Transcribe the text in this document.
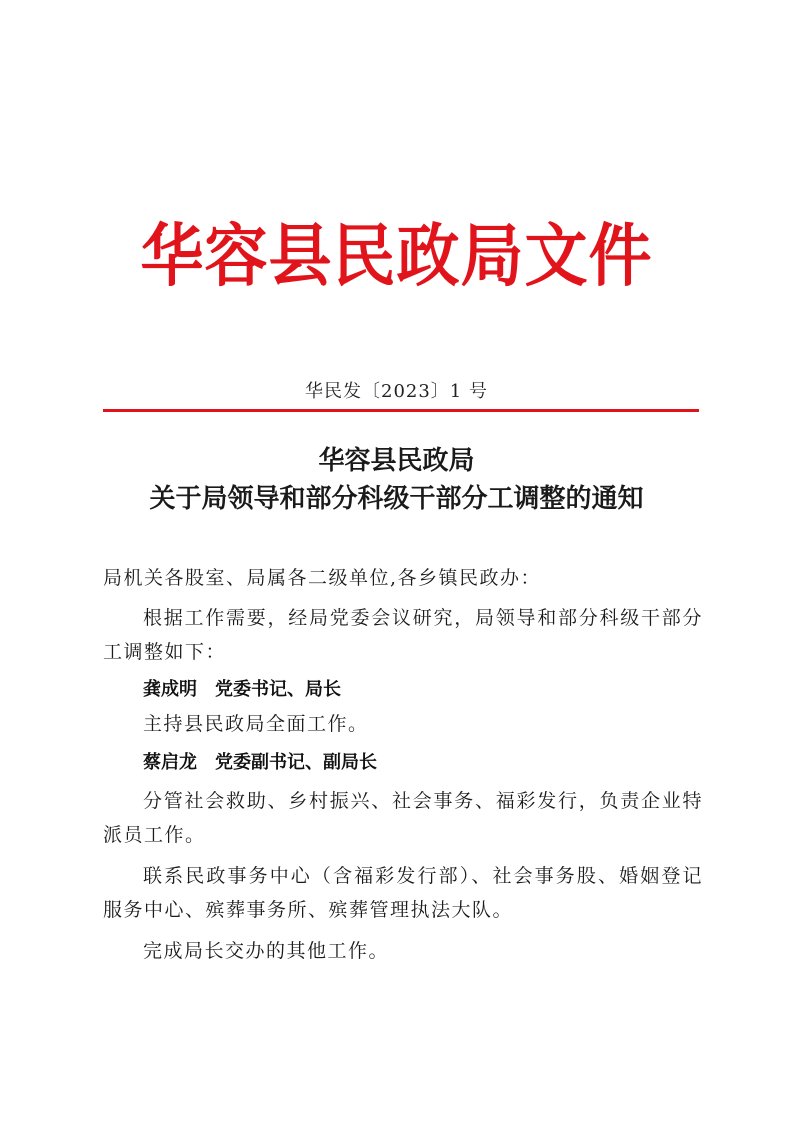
华容县民政局文件
华民发〔2023〕1 号
华容县民政局
关于局领导和部分科级干部分工调整的通知

局机关各股室、局属各二级单位,各乡镇民政办：

根据工作需要，经局党委会议研究，局领导和部分科级干部分工调整如下：

龚成明 党委书记、局长

主持县民政局全面工作。

蔡启龙 党委副书记、副局长

分管社会救助、乡村振兴、社会事务、福彩发行，负责企业特派员工作。

联系民政事务中心（含福彩发行部）、社会事务股、婚姻登记服务中心、殡葬事务所、殡葬管理执法大队。

完成局长交办的其他工作。
